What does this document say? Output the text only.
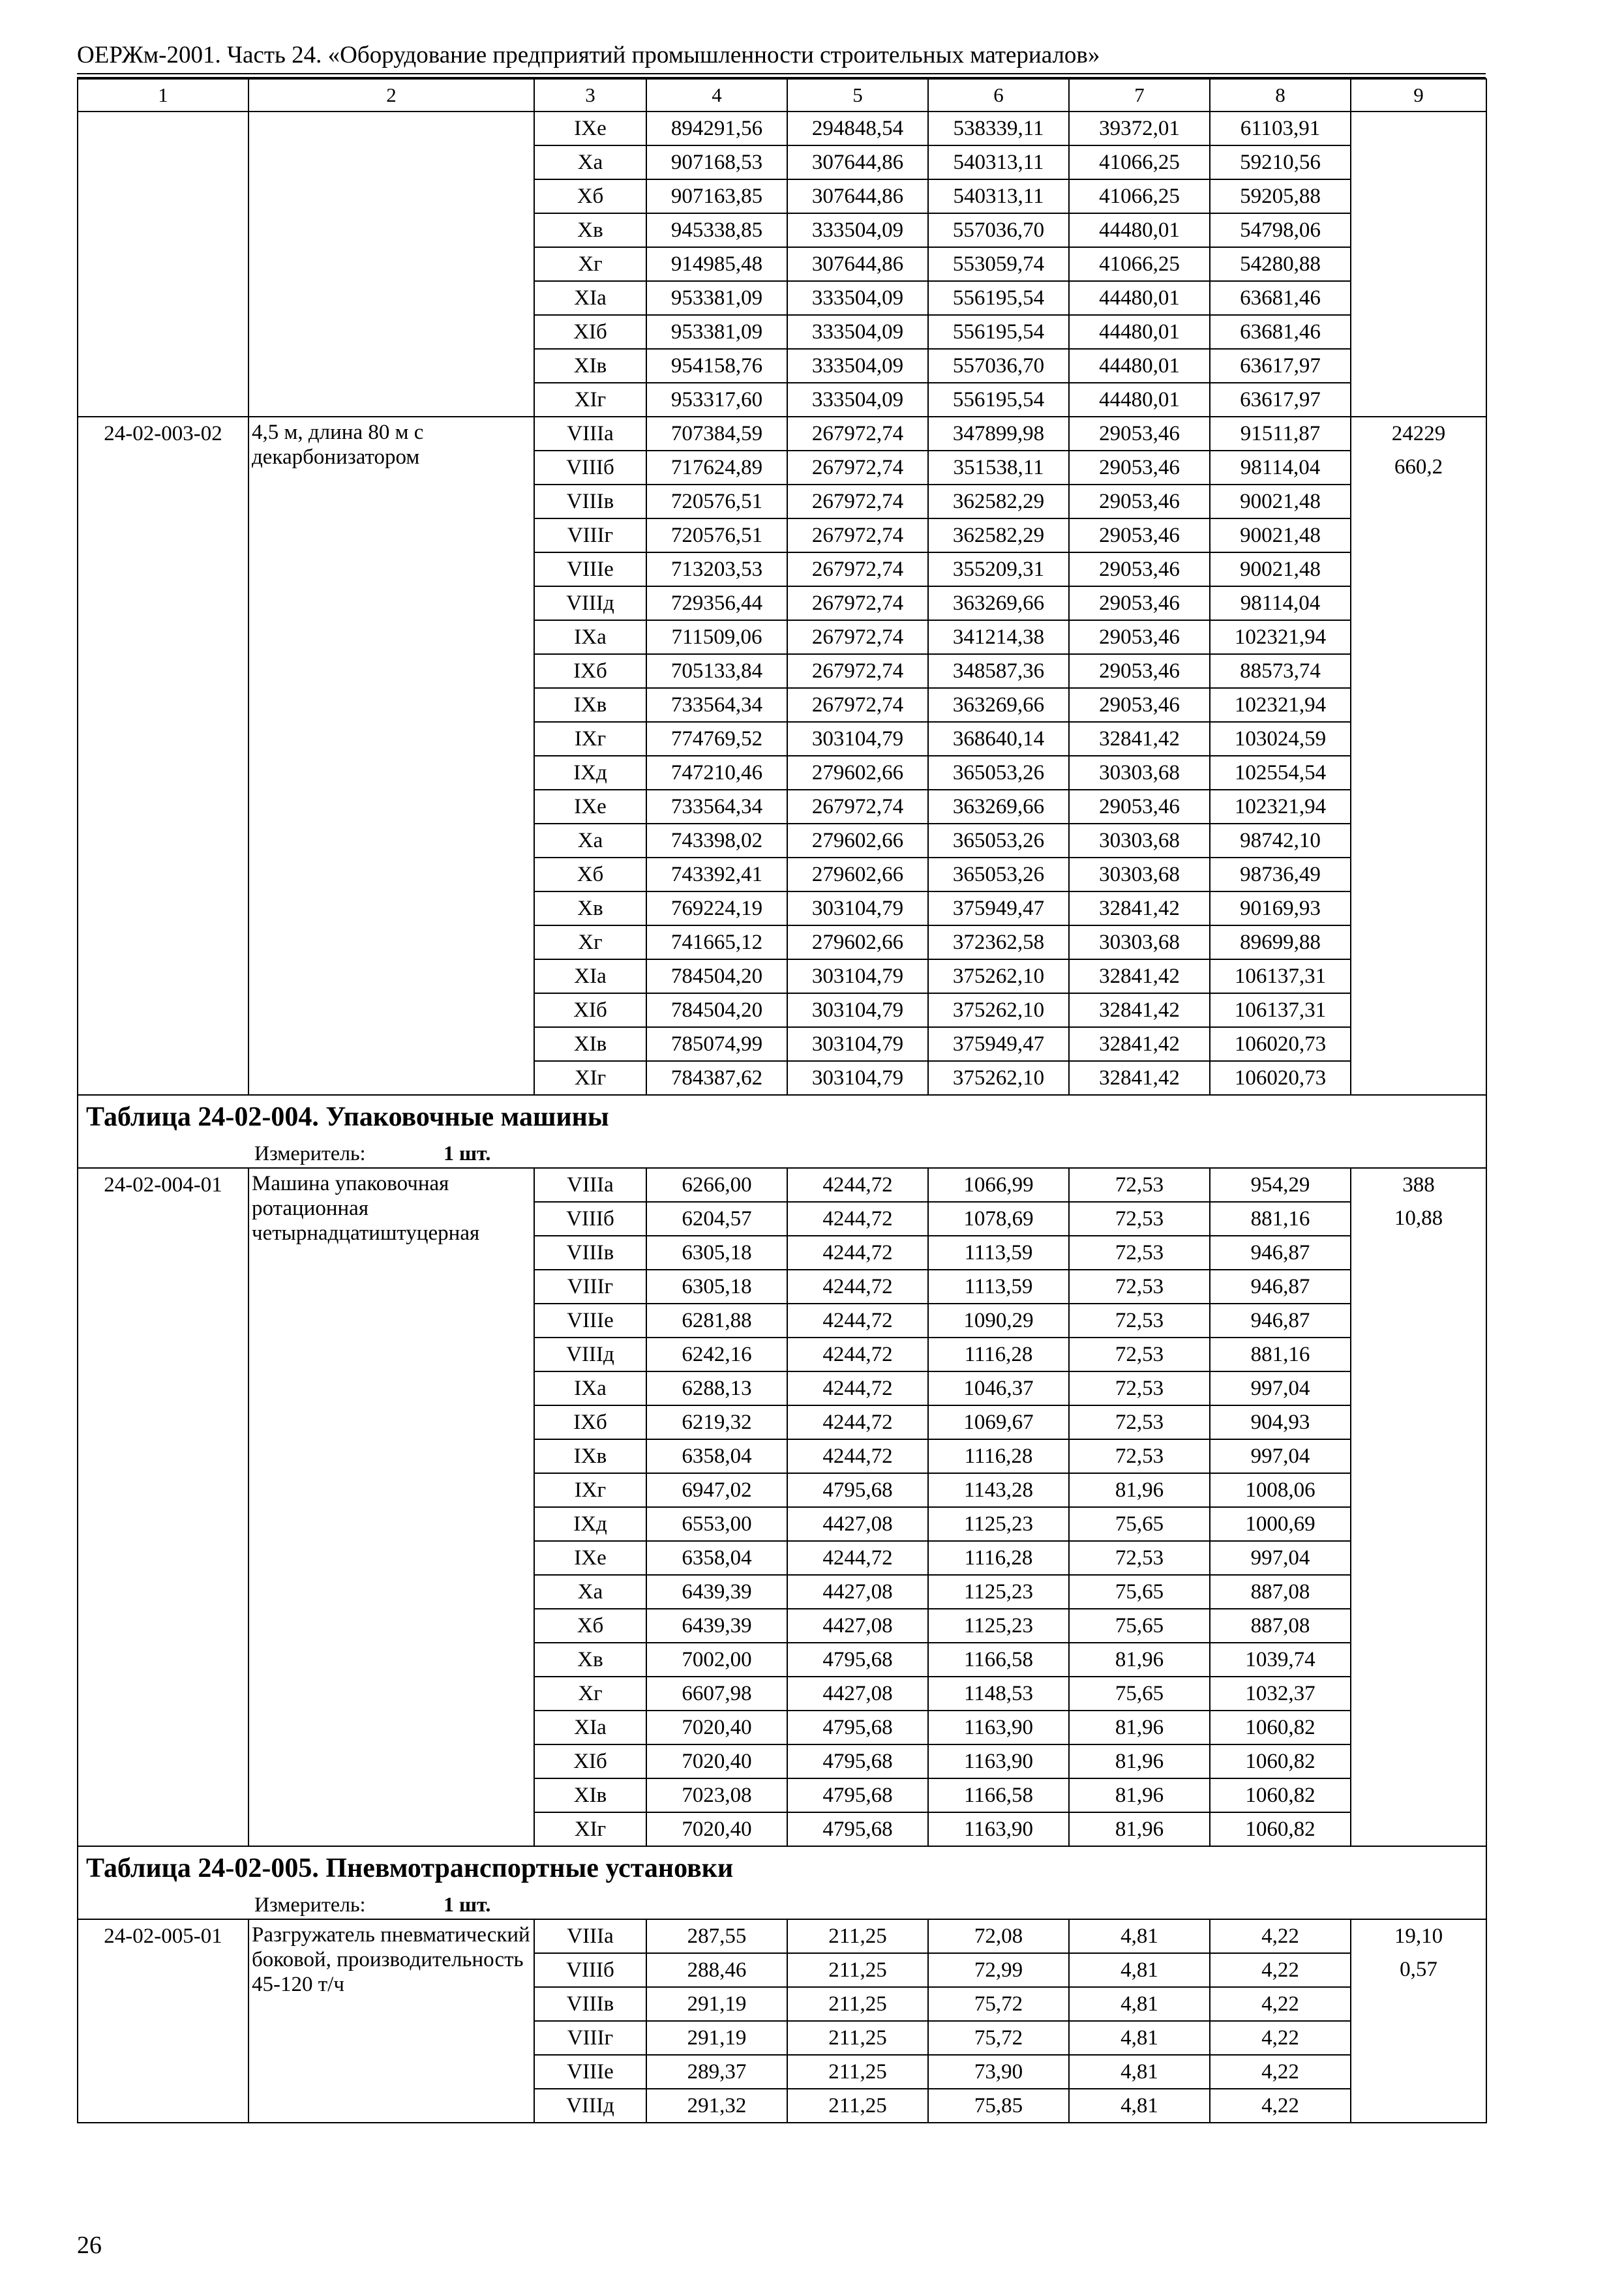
ОЕРЖм-2001. Часть 24. «Оборудование предприятий промышленности строительных материалов»
1	2	3	4	5	6	7	8	9
		IXе	894291,56	294848,54	538339,11	39372,01	61103,91	
		Xа	907168,53	307644,86	540313,11	41066,25	59210,56	
		Xб	907163,85	307644,86	540313,11	41066,25	59205,88	
		Xв	945338,85	333504,09	557036,70	44480,01	54798,06	
		Xг	914985,48	307644,86	553059,74	41066,25	54280,88	
		XIа	953381,09	333504,09	556195,54	44480,01	63681,46	
		XIб	953381,09	333504,09	556195,54	44480,01	63681,46	
		XIв	954158,76	333504,09	557036,70	44480,01	63617,97	
		XIг	953317,60	333504,09	556195,54	44480,01	63617,97	
24-02-003-02	4,5 м, длина 80 м с декарбонизатором	VIIIа	707384,59	267972,74	347899,98	29053,46	91511,87	24229
		VIIIб	717624,89	267972,74	351538,11	29053,46	98114,04	660,2
		VIIIв	720576,51	267972,74	362582,29	29053,46	90021,48	
		VIIIг	720576,51	267972,74	362582,29	29053,46	90021,48	
		VIIIе	713203,53	267972,74	355209,31	29053,46	90021,48	
		VIIIд	729356,44	267972,74	363269,66	29053,46	98114,04	
		IXа	711509,06	267972,74	341214,38	29053,46	102321,94	
		IXб	705133,84	267972,74	348587,36	29053,46	88573,74	
		IXв	733564,34	267972,74	363269,66	29053,46	102321,94	
		IXг	774769,52	303104,79	368640,14	32841,42	103024,59	
		IXд	747210,46	279602,66	365053,26	30303,68	102554,54	
		IXе	733564,34	267972,74	363269,66	29053,46	102321,94	
		Xа	743398,02	279602,66	365053,26	30303,68	98742,10	
		Xб	743392,41	279602,66	365053,26	30303,68	98736,49	
		Xв	769224,19	303104,79	375949,47	32841,42	90169,93	
		Xг	741665,12	279602,66	372362,58	30303,68	89699,88	
		XIа	784504,20	303104,79	375262,10	32841,42	106137,31	
		XIб	784504,20	303104,79	375262,10	32841,42	106137,31	
		XIв	785074,99	303104,79	375949,47	32841,42	106020,73	
		XIг	784387,62	303104,79	375262,10	32841,42	106020,73	
Таблица 24-02-004. Упаковочные машины								
Измеритель: 1 шт.								
24-02-004-01	Машина упаковочная ротационная четырнадцатиштуцерная	VIIIа	6266,00	4244,72	1066,99	72,53	954,29	388
		VIIIб	6204,57	4244,72	1078,69	72,53	881,16	10,88
		VIIIв	6305,18	4244,72	1113,59	72,53	946,87	
		VIIIг	6305,18	4244,72	1113,59	72,53	946,87	
		VIIIе	6281,88	4244,72	1090,29	72,53	946,87	
		VIIIд	6242,16	4244,72	1116,28	72,53	881,16	
		IXа	6288,13	4244,72	1046,37	72,53	997,04	
		IXб	6219,32	4244,72	1069,67	72,53	904,93	
		IXв	6358,04	4244,72	1116,28	72,53	997,04	
		IXг	6947,02	4795,68	1143,28	81,96	1008,06	
		IXд	6553,00	4427,08	1125,23	75,65	1000,69	
		IXе	6358,04	4244,72	1116,28	72,53	997,04	
		Xа	6439,39	4427,08	1125,23	75,65	887,08	
		Xб	6439,39	4427,08	1125,23	75,65	887,08	
		Xв	7002,00	4795,68	1166,58	81,96	1039,74	
		Xг	6607,98	4427,08	1148,53	75,65	1032,37	
		XIа	7020,40	4795,68	1163,90	81,96	1060,82	
		XIб	7020,40	4795,68	1163,90	81,96	1060,82	
		XIв	7023,08	4795,68	1166,58	81,96	1060,82	
		XIг	7020,40	4795,68	1163,90	81,96	1060,82	
Таблица 24-02-005. Пневмотранспортные установки								
Измеритель: 1 шт.								
24-02-005-01	Разгружатель пневматический боковой, производительность 45-120 т/ч	VIIIа	287,55	211,25	72,08	4,81	4,22	19,10
		VIIIб	288,46	211,25	72,99	4,81	4,22	0,57
		VIIIв	291,19	211,25	75,72	4,81	4,22	
		VIIIг	291,19	211,25	75,72	4,81	4,22	
		VIIIе	289,37	211,25	73,90	4,81	4,22	
		VIIIд	291,32	211,25	75,85	4,81	4,22	
26
